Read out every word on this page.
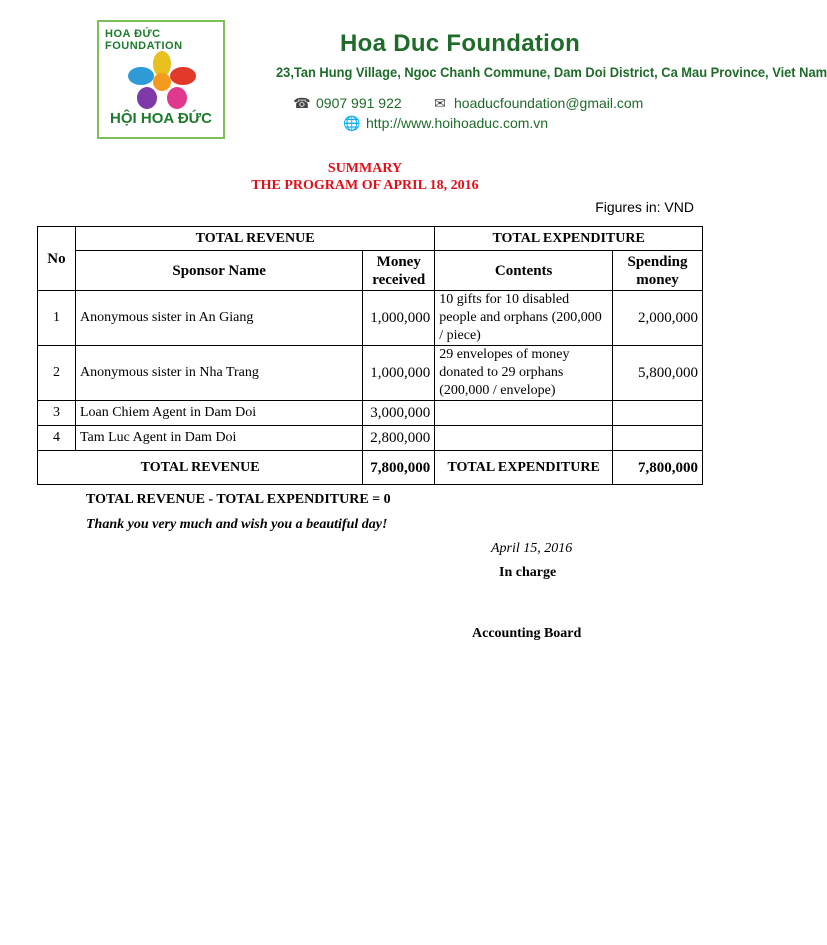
HOA ĐỨC FOUNDATION
HỘI HOA ĐỨC
Hoa Duc Foundation
23,Tan Hung Village, Ngoc Chanh Commune, Dam Doi District, Ca Mau Province, Viet Nam
☎ 0907 991 922 ✉ hoaducfoundation@gmail.com
🌐 http://www.hoihoaduc.com.vn
SUMMARY
THE PROGRAM OF APRIL 18, 2016
Figures in: VND
No	TOTAL REVENUE		TOTAL EXPENDITURE	
	Sponsor Name	Money received	Contents	Spending money
1	Anonymous sister in An Giang	1,000,000	10 gifts for 10 disabled people and orphans (200,000 / piece)	2,000,000
2	Anonymous sister in Nha Trang	1,000,000	29 envelopes of money donated to 29 orphans (200,000 / envelope)	5,800,000
3	Loan Chiem Agent in Dam Doi	3,000,000		
4	Tam Luc Agent in Dam Doi	2,800,000		
TOTAL REVENUE		7,800,000	TOTAL EXPENDITURE	7,800,000
TOTAL REVENUE - TOTAL EXPENDITURE = 0
Thank you very much and wish you a beautiful day!
April 15, 2016
In charge
Accounting Board
